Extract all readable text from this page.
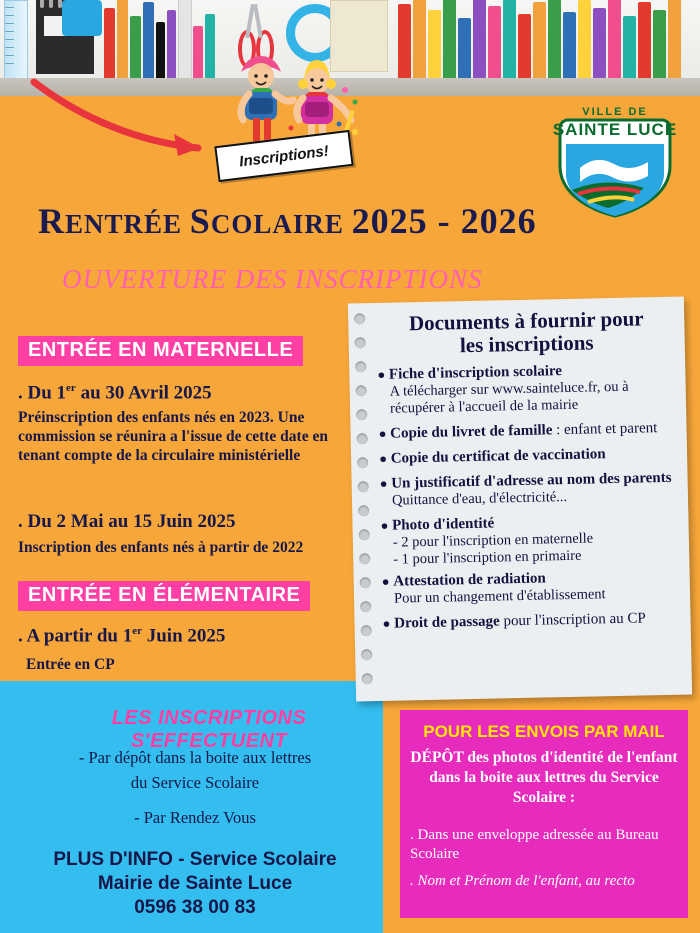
Inscriptions!
VILLE DE
SAINTE LUCE
RENTRÉE SCOLAIRE 2025 - 2026
OUVERTURE DES INSCRIPTIONS
ENTRÉE EN MATERNELLE
. Du 1er au 30 Avril 2025
Préinscription des enfants nés en 2023. Une commission se réunira a l'issue de cette date en tenant compte de la circulaire ministérielle
. Du 2 Mai au 15 Juin 2025
Inscription des enfants nés à partir de 2022
ENTRÉE EN ÉLÉMENTAIRE
. A partir du 1er Juin 2025
Entrée en CP
Documents à fournir pour
les inscriptions
● Fiche d'inscription scolaire
A télécharger sur www.sainteluce.fr, ou à récupérer à l'accueil de la mairie
● Copie du livret de famille : enfant et parent
● Copie du certificat de vaccination
● Un justificatif d'adresse au nom des parents
Quittance d'eau, d'électricité...
● Photo d'identité
- 2 pour l'inscription en maternelle
- 1 pour l'inscription en primaire
● Attestation de radiation
Pour un changement d'établissement
● Droit de passage pour l'inscription au CP
LES INSCRIPTIONS S'EFFECTUENT
- Par dépôt dans la boite aux lettres
du Service Scolaire
- Par Rendez Vous
PLUS D'INFO - Service Scolaire
Mairie de Sainte Luce
0596 38 00 83
POUR LES ENVOIS PAR MAIL
DÉPÔT des photos d'identité de l'enfant dans la boite aux lettres du Service Scolaire :
. Dans une enveloppe adressée au Bureau Scolaire
. Nom et Prénom de l'enfant, au recto
